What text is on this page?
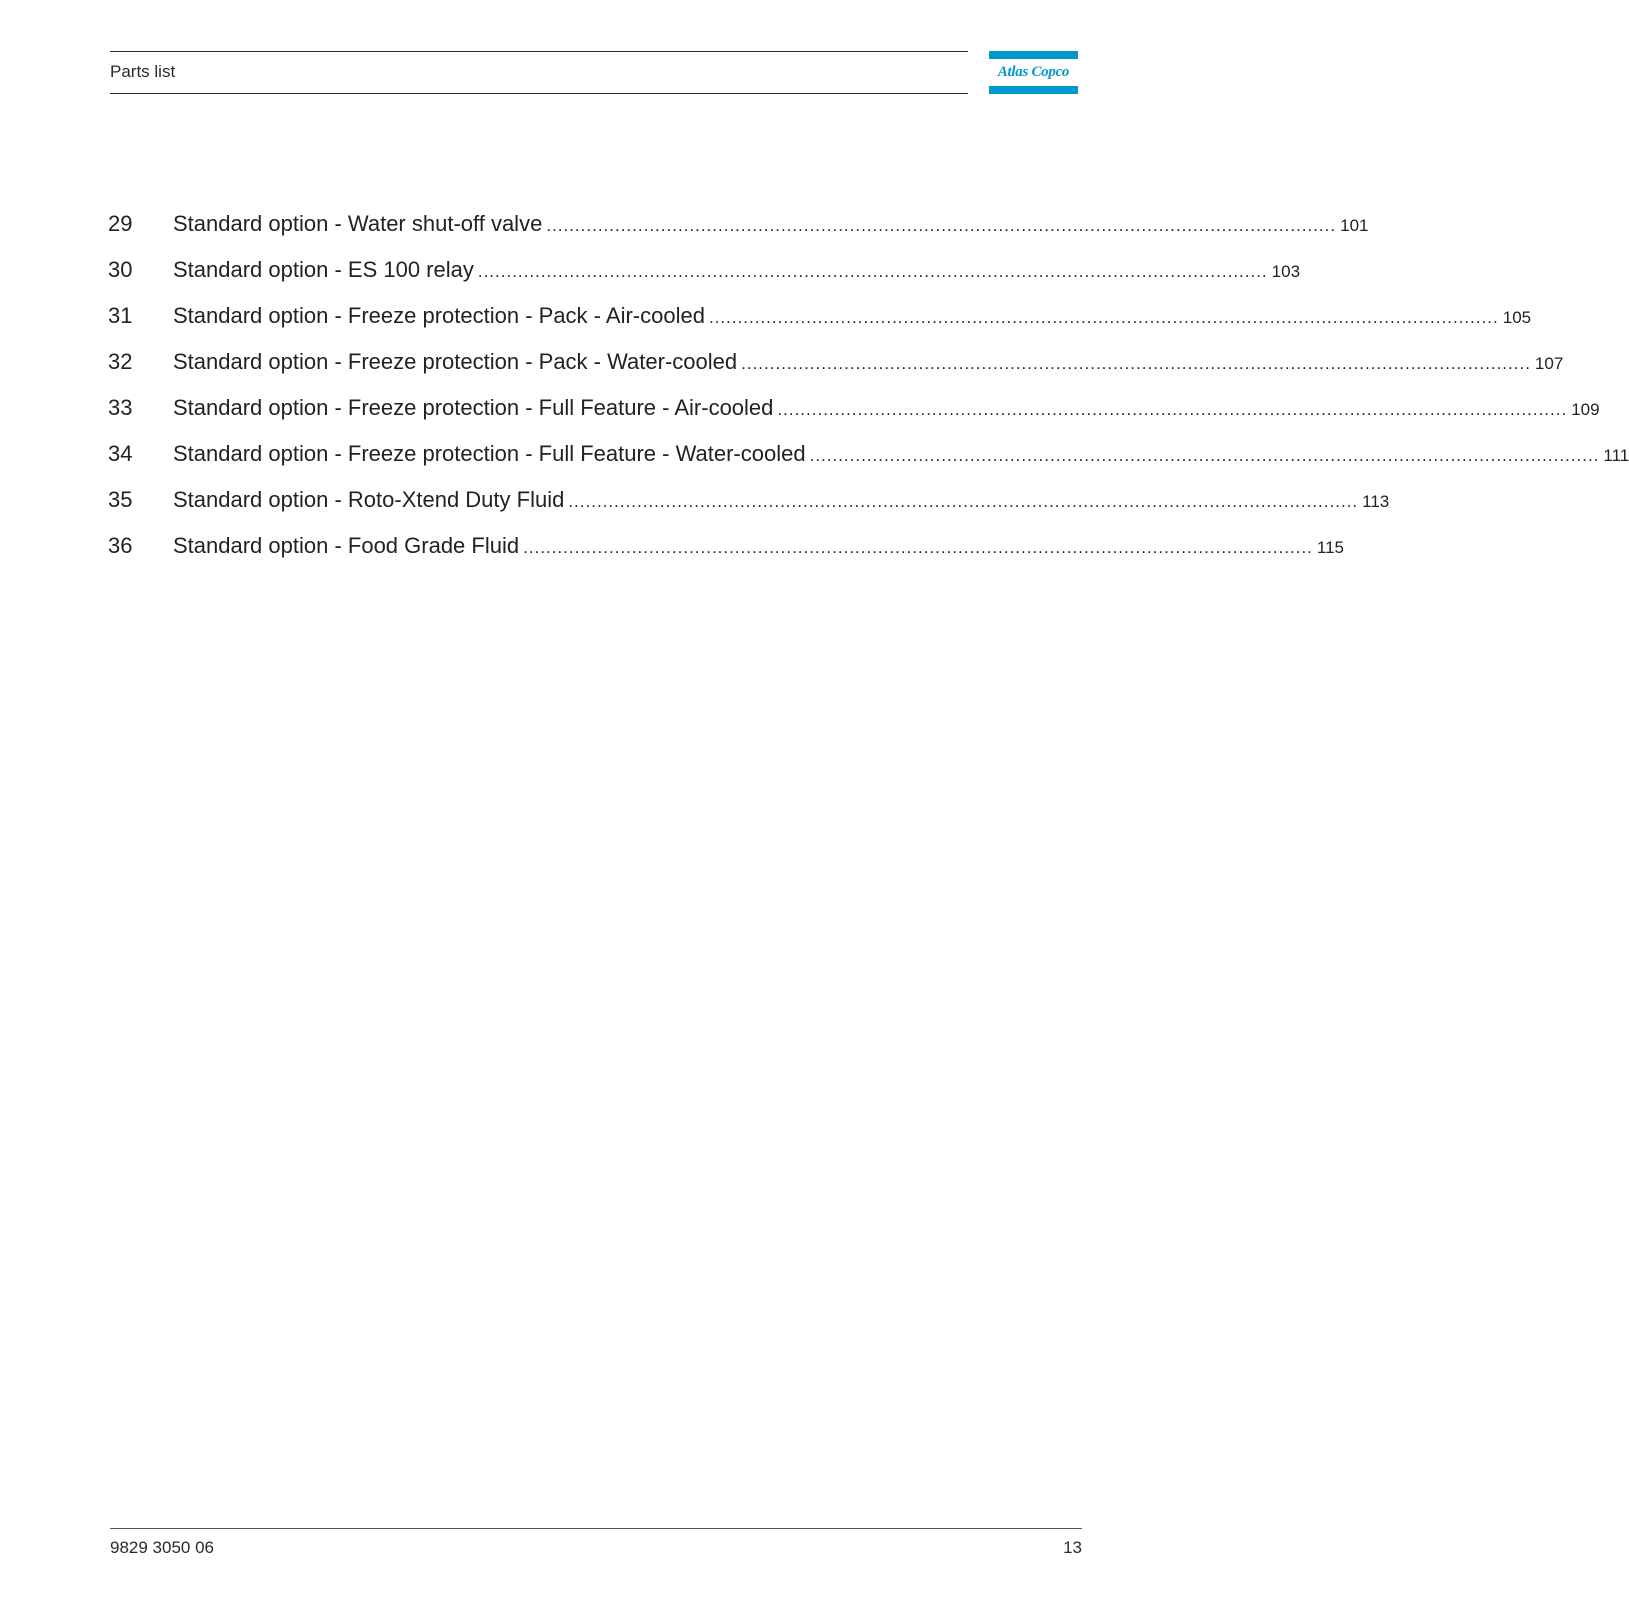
Parts list	Atlas Copco
29	Standard option - Water shut-off valve .......................................................................................................................................... 101
30	Standard option - ES 100 relay .......................................................................................................................................... 103
31	Standard option - Freeze protection - Pack - Air-cooled .......................................................................................................................................... 105
32	Standard option - Freeze protection - Pack - Water-cooled .......................................................................................................................................... 107
33	Standard option - Freeze protection - Full Feature - Air-cooled .......................................................................................................................................... 109
34	Standard option - Freeze protection - Full Feature - Water-cooled .......................................................................................................................................... 111
35	Standard option - Roto-Xtend Duty Fluid .......................................................................................................................................... 113
36	Standard option - Food Grade Fluid .......................................................................................................................................... 115
9829 3050 06	13
